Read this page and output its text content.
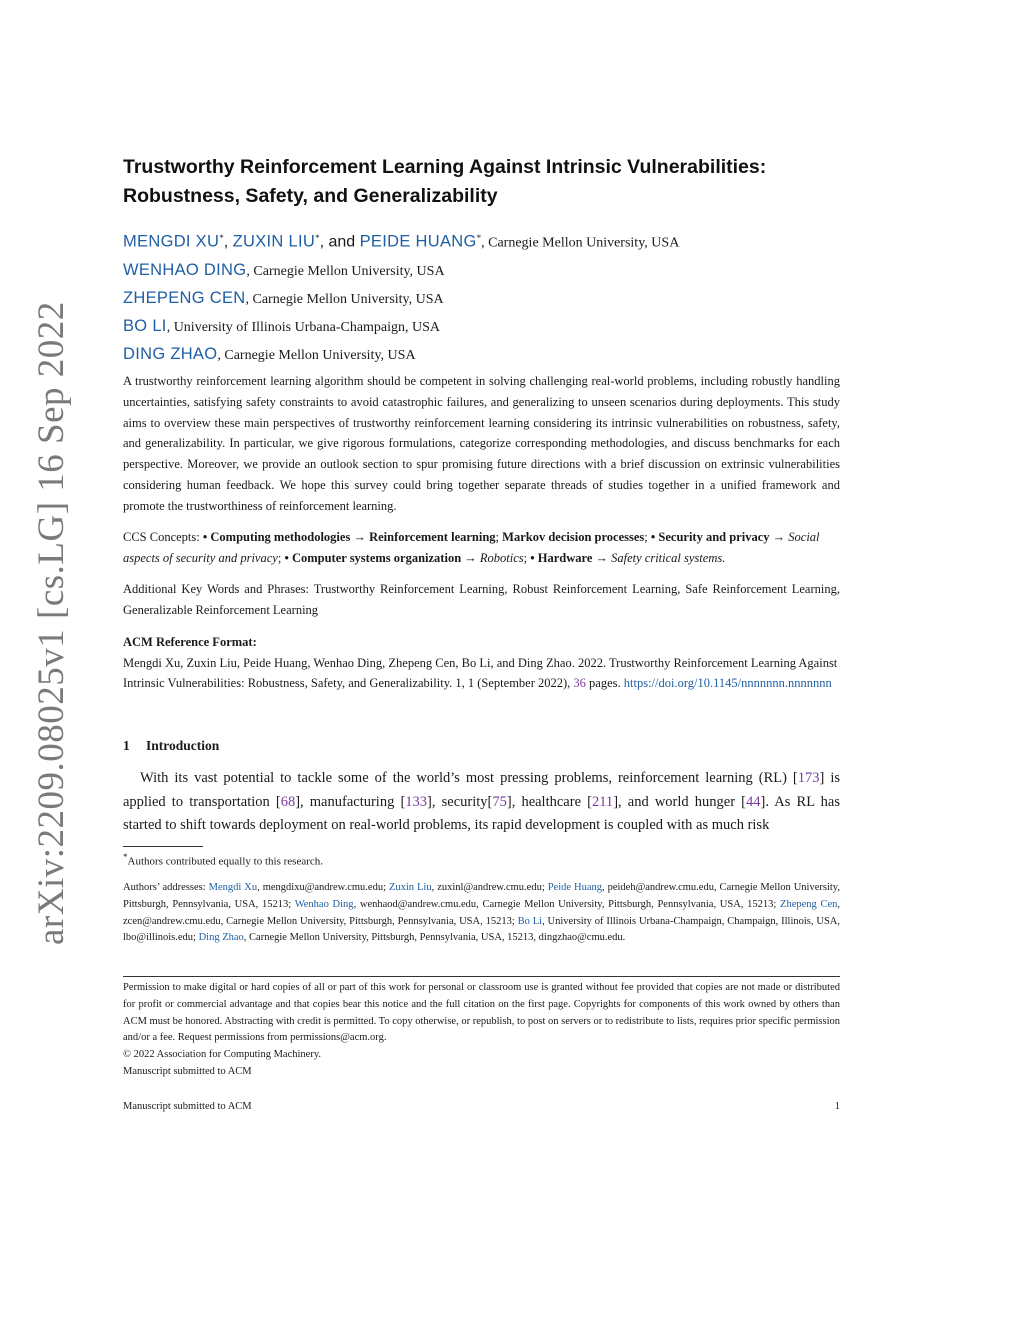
arXiv:2209.08025v1 [cs.LG] 16 Sep 2022
Trustworthy Reinforcement Learning Against Intrinsic Vulnerabilities:
Robustness, Safety, and Generalizability
MENGDI XU*, ZUXIN LIU*, and PEIDE HUANG*, Carnegie Mellon University, USA
WENHAO DING, Carnegie Mellon University, USA
ZHEPENG CEN, Carnegie Mellon University, USA
BO LI, University of Illinois Urbana-Champaign, USA
DING ZHAO, Carnegie Mellon University, USA
A trustworthy reinforcement learning algorithm should be competent in solving challenging real-world problems, including robustly handling uncertainties, satisfying safety constraints to avoid catastrophic failures, and generalizing to unseen scenarios during deployments. This study aims to overview these main perspectives of trustworthy reinforcement learning considering its intrinsic vulnerabilities on robustness, safety, and generalizability. In particular, we give rigorous formulations, categorize corresponding methodologies, and discuss benchmarks for each perspective. Moreover, we provide an outlook section to spur promising future directions with a brief discussion on extrinsic vulnerabilities considering human feedback. We hope this survey could bring together separate threads of studies together in a unified framework and promote the trustworthiness of reinforcement learning.
CCS Concepts: • Computing methodologies → Reinforcement learning; Markov decision processes; • Security and privacy → Social aspects of security and privacy; • Computer systems organization → Robotics; • Hardware → Safety critical systems.
Additional Key Words and Phrases: Trustworthy Reinforcement Learning, Robust Reinforcement Learning, Safe Reinforcement Learning, Generalizable Reinforcement Learning
ACM Reference Format:
Mengdi Xu, Zuxin Liu, Peide Huang, Wenhao Ding, Zhepeng Cen, Bo Li, and Ding Zhao. 2022. Trustworthy Reinforcement Learning Against Intrinsic Vulnerabilities: Robustness, Safety, and Generalizability. 1, 1 (September 2022), 36 pages. https://doi.org/10.1145/nnnnnnn.nnnnnnn
1 Introduction
With its vast potential to tackle some of the world’s most pressing problems, reinforcement learning (RL) [173] is applied to transportation [68], manufacturing [133], security[75], healthcare [211], and world hunger [44]. As RL has started to shift towards deployment on real-world problems, its rapid development is coupled with as much risk
*Authors contributed equally to this research.
Authors’ addresses: Mengdi Xu, mengdixu@andrew.cmu.edu; Zuxin Liu, zuxinl@andrew.cmu.edu; Peide Huang, peideh@andrew.cmu.edu, Carnegie Mellon University, Pittsburgh, Pennsylvania, USA, 15213; Wenhao Ding, wenhaod@andrew.cmu.edu, Carnegie Mellon University, Pittsburgh, Pennsylvania, USA, 15213; Zhepeng Cen, zcen@andrew.cmu.edu, Carnegie Mellon University, Pittsburgh, Pennsylvania, USA, 15213; Bo Li, University of Illinois Urbana-Champaign, Champaign, Illinois, USA, lbo@illinois.edu; Ding Zhao, Carnegie Mellon University, Pittsburgh, Pennsylvania, USA, 15213, dingzhao@cmu.edu.
Permission to make digital or hard copies of all or part of this work for personal or classroom use is granted without fee provided that copies are not made or distributed for profit or commercial advantage and that copies bear this notice and the full citation on the first page. Copyrights for components of this work owned by others than ACM must be honored. Abstracting with credit is permitted. To copy otherwise, or republish, to post on servers or to redistribute to lists, requires prior specific permission and/or a fee. Request permissions from permissions@acm.org.
© 2022 Association for Computing Machinery.
Manuscript submitted to ACM
Manuscript submitted to ACM	1
